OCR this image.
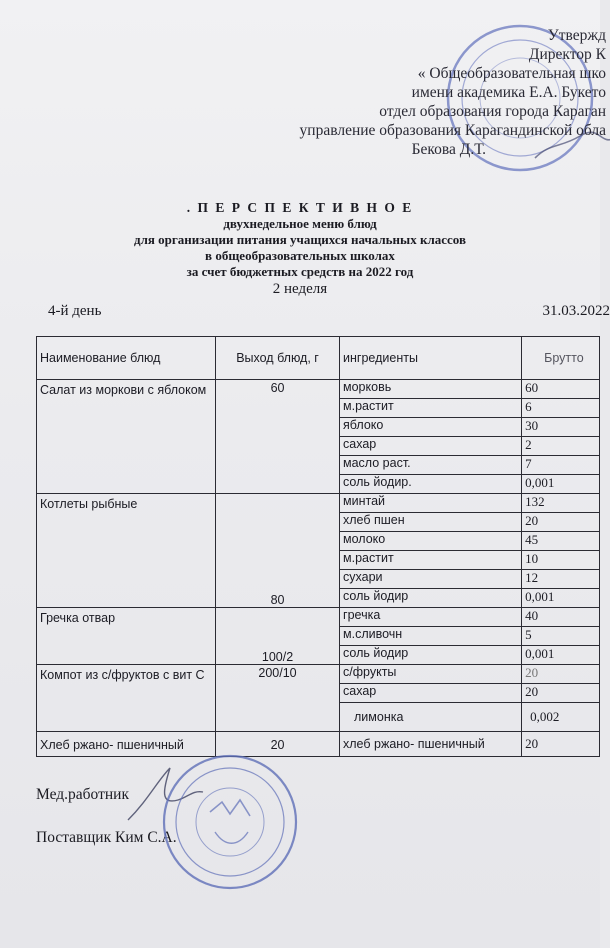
Утвержд
Директор К
« Общеобразовательная шко
имени академика Е.А. Букето
отдел образования города Караган
управление образования Карагандинской обла
Бекова Д.Т.
. П Е Р С П Е К Т И В Н О Е
двухнедельное меню блюд
для организации питания учащихся начальных классов
в общеобразовательных школах
за счет бюджетных средств на 2022 год
2 неделя
4-й день	31.03.2022
Наименование блюд	Выход блюд, г	ингредиенты	Брутто
Салат из моркови с яблоком	60	морковь	60
		м.растит	6
		яблоко	30
		сахар	2
		масло раст.	7
		соль йодир.	0,001
Котлеты рыбные	80	минтай	132
		хлеб пшен	20
		молоко	45
		м.растит	10
		сухари	12
		соль йодир	0,001
Гречка отвар	100/2	гречка	40
		м.сливочн	5
		соль йодир	0,001
Компот из с/фруктов с вит С	200/10	с/фрукты	20
		сахар	20
		лимонка	0,002
Хлеб ржано- пшеничный	20	хлеб ржано- пшеничный	20
Мед.работник
Поставщик Ким С.А.
